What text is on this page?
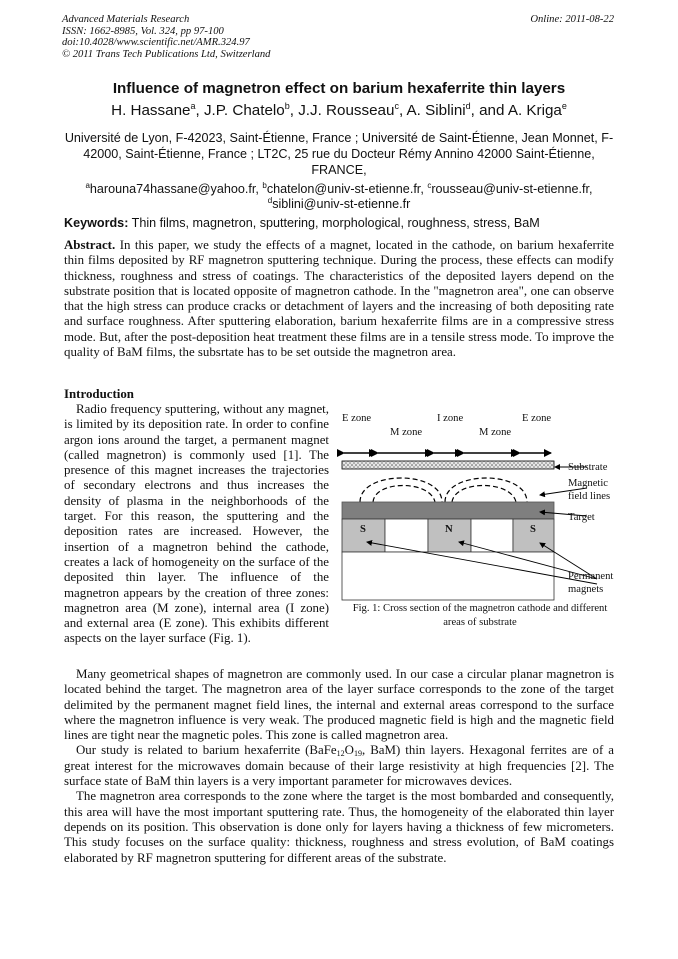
Advanced Materials Research
ISSN: 1662-8985, Vol. 324, pp 97-100
doi:10.4028/www.scientific.net/AMR.324.97
© 2011 Trans Tech Publications Ltd, Switzerland
Online: 2011-08-22
Influence of magnetron effect on barium hexaferrite thin layers
H. Hassane$^a$, J.P. Chatelo$^b$, J.J. Rousseau$^c$, A. Siblini$^d$, and A. Kriga$^e$
Université de Lyon, F-42023, Saint-Étienne, France ; Université de Saint-Étienne, Jean Monnet, F-42000, Saint-Étienne, France ; LT2C, 25 rue du Docteur Rémy Annino 42000 Saint-Étienne, FRANCE,
$^a$harouna74hassane@yahoo.fr, $^b$chatelon@univ-st-etienne.fr, $^c$rousseau@univ-st-etienne.fr,
$^d$siblini@univ-st-etienne.fr
Keywords: Thin films, magnetron, sputtering, morphological, roughness, stress, BaM
Abstract. In this paper, we study the effects of a magnet, located in the cathode, on barium hexaferrite thin films deposited by RF magnetron sputtering technique. During the process, these effects can modify thickness, roughness and stress of coatings. The characteristics of the deposited layers depend on the substrate position that is located opposite of magnetron cathode. In the "magnetron area", one can observe that the high stress can produce cracks or detachment of layers and the increasing of both depositing rate and surface roughness. After sputtering elaboration, barium hexaferrite films are in a compressive stress mode. But, after the post-deposition heat treatment these films are in a tensile stress mode. To improve the quality of BaM films, the subsrtate has to be set outside the magnetron area.
Introduction
Radio frequency sputtering, without any magnet, is limited by its deposition rate. In order to confine argon ions around the target, a permanent magnet (called magnetron) is commonly used [1]. The presence of this magnet increases the trajectories of secondary electrons and thus increases the density of plasma in the neighborhoods of the target. For this reason, the sputtering and the deposition rates are increased. However, the insertion of a magnetron behind the cathode, creates a lack of homogeneity on the surface of the deposited thin layer. The influence of the magnetron appears by the creation of three zones: magnetron area (M zone), internal area (I zone) and external area (E zone). This exhibits different aspects on the layer surface (Fig. 1).
E zone	I zone	E zone
M zone	M zone
S	N	S
Substrate
Magnetic
field lines
Target
Permanent
magnets
Fig. 1: Cross section of the magnetron cathode and different
areas of substrate

Many geometrical shapes of magnetron are commonly used. In our case a circular planar magnetron is located behind the target. The magnetron area of the layer surface corresponds to the zone of the target delimited by the permanent magnet field lines, the internal and external areas correspond to the surface where the magnetron influence is very weak. The produced magnetic field is high and the magnetic field lines are tight near the magnetic poles. This zone is called magnetron area.

Our study is related to barium hexaferrite ($BaFe_{12}O_{19}$, BaM) thin layers. Hexagonal ferrites are of a great interest for the microwaves domain because of their large resistivity at high frequencies [2]. The surface state of BaM thin layers is a very important parameter for microwaves devices.

The magnetron area corresponds to the zone where the target is the most bombarded and consequently, this area will have the most important sputtering rate. Thus, the homogeneity of the elaborated thin layer depends on its position. This observation is done only for layers having a thickness of few micrometers. This study focuses on the surface quality: thickness, roughness and stress evolution, of BaM coatings elaborated by RF magnetron sputtering for different areas of the substrate.
